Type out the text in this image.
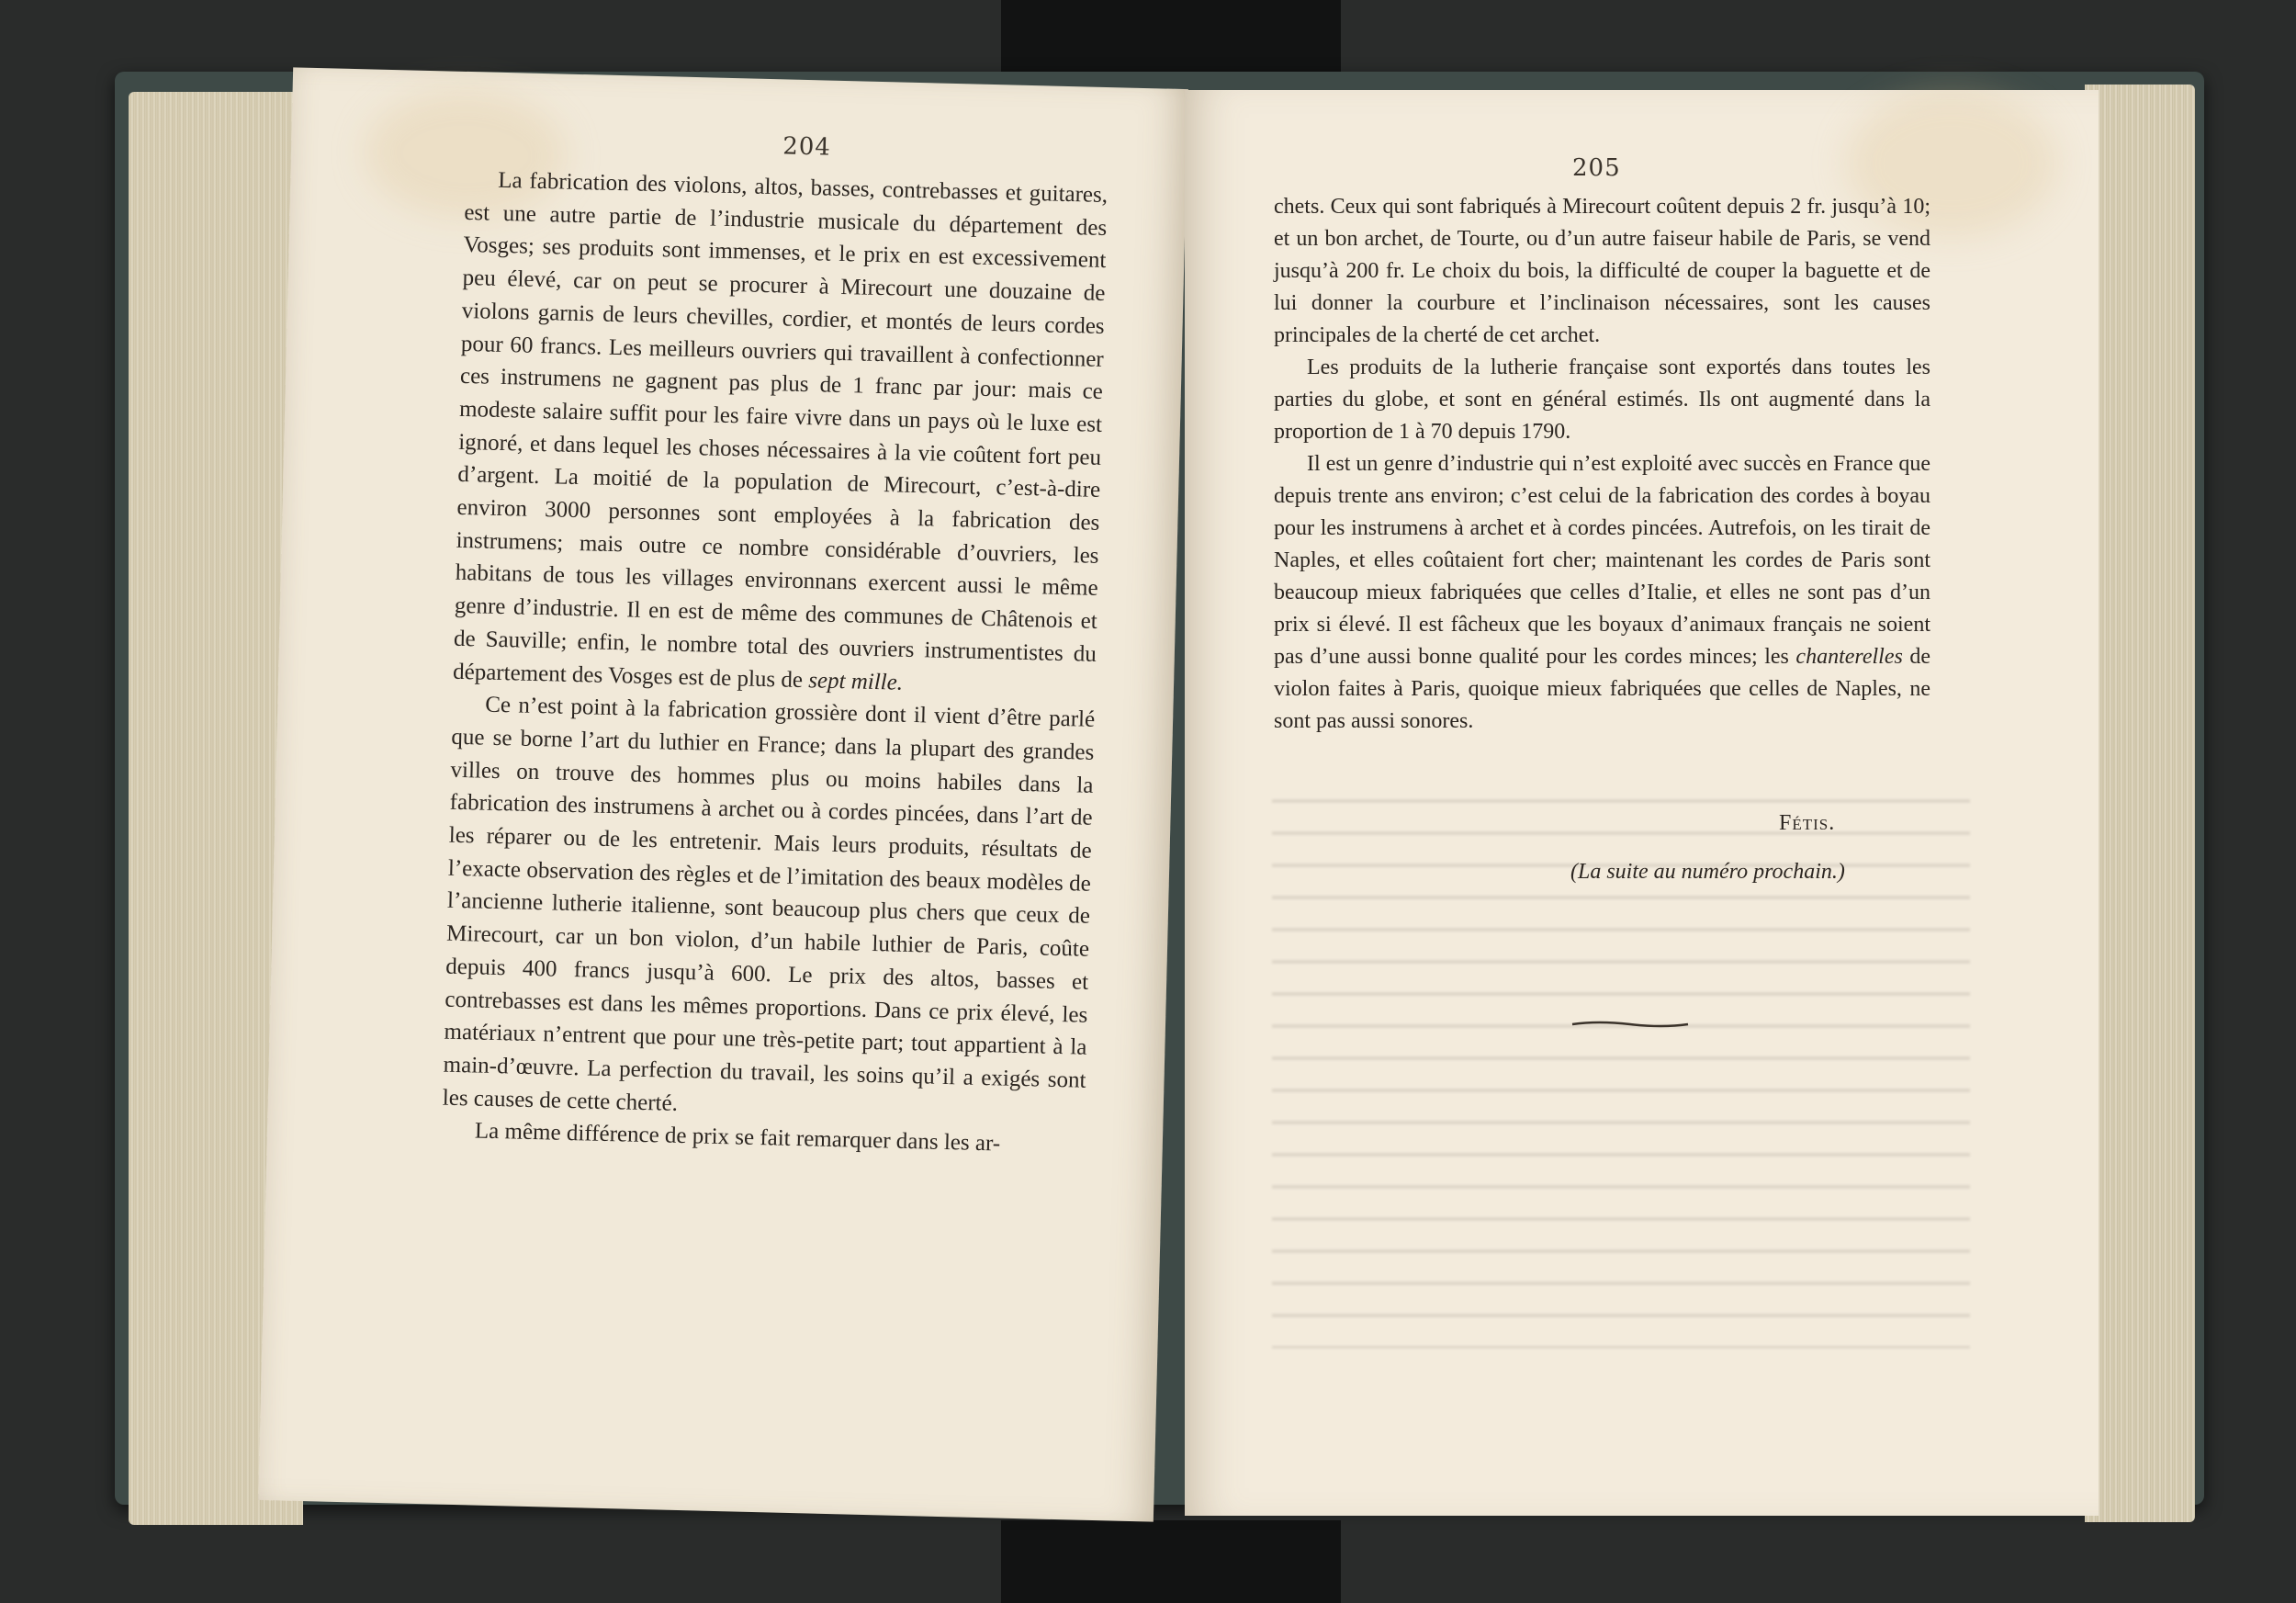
204

La fabrication des violons, altos, basses, contrebasses et guitares, est une autre partie de l’industrie musicale du département des Vosges; ses produits sont immenses, et le prix en est excessivement peu élevé, car on peut se procurer à Mirecourt une douzaine de violons garnis de leurs chevilles, cordier, et montés de leurs cordes pour 60 francs. Les meilleurs ouvriers qui travaillent à confectionner ces instrumens ne gagnent pas plus de 1 franc par jour: mais ce modeste salaire suffit pour les faire vivre dans un pays où le luxe est ignoré, et dans lequel les choses nécessaires à la vie coûtent fort peu d’argent. La moitié de la population de Mirecourt, c’est-à-dire environ 3000 personnes sont employées à la fabrication des instrumens; mais outre ce nombre considérable d’ouvriers, les habitans de tous les villages environnans exercent aussi le même genre d’industrie. Il en est de même des communes de Châtenois et de Sauville; enfin, le nombre total des ouvriers instrumentistes du département des Vosges est de plus de sept mille.

Ce n’est point à la fabrication grossière dont il vient d’être parlé que se borne l’art du luthier en France; dans la plupart des grandes villes on trouve des hommes plus ou moins habiles dans la fabrication des instrumens à archet ou à cordes pincées, dans l’art de les réparer ou de les entretenir. Mais leurs produits, résultats de l’exacte observation des règles et de l’imitation des beaux modèles de l’ancienne lutherie italienne, sont beaucoup plus chers que ceux de Mirecourt, car un bon violon, d’un habile luthier de Paris, coûte depuis 400 francs jusqu’à 600. Le prix des altos, basses et contrebasses est dans les mêmes proportions. Dans ce prix élevé, les matériaux n’entrent que pour une très-petite part; tout appartient à la main-d’œuvre. La perfection du travail, les soins qu’il a exigés sont les causes de cette cherté.

La même différence de prix se fait remarquer dans les ar-

205

chets. Ceux qui sont fabriqués à Mirecourt coûtent depuis 2 fr. jusqu’à 10; et un bon archet, de Tourte, ou d’un autre faiseur habile de Paris, se vend jusqu’à 200 fr. Le choix du bois, la difficulté de couper la baguette et de lui donner la courbure et l’inclinaison nécessaires, sont les causes principales de la cherté de cet archet.

Les produits de la lutherie française sont exportés dans toutes les parties du globe, et sont en général estimés. Ils ont augmenté dans la proportion de 1 à 70 depuis 1790.

Il est un genre d’industrie qui n’est exploité avec succès en France que depuis trente ans environ; c’est celui de la fabrication des cordes à boyau pour les instrumens à archet et à cordes pincées. Autrefois, on les tirait de Naples, et elles coûtaient fort cher; maintenant les cordes de Paris sont beaucoup mieux fabriquées que celles d’Italie, et elles ne sont pas d’un prix si élevé. Il est fâcheux que les boyaux d’animaux français ne soient pas d’une aussi bonne qualité pour les cordes minces; les chanterelles de violon faites à Paris, quoique mieux fabriquées que celles de Naples, ne sont pas aussi sonores.

Fétis.
(La suite au numéro prochain.)
